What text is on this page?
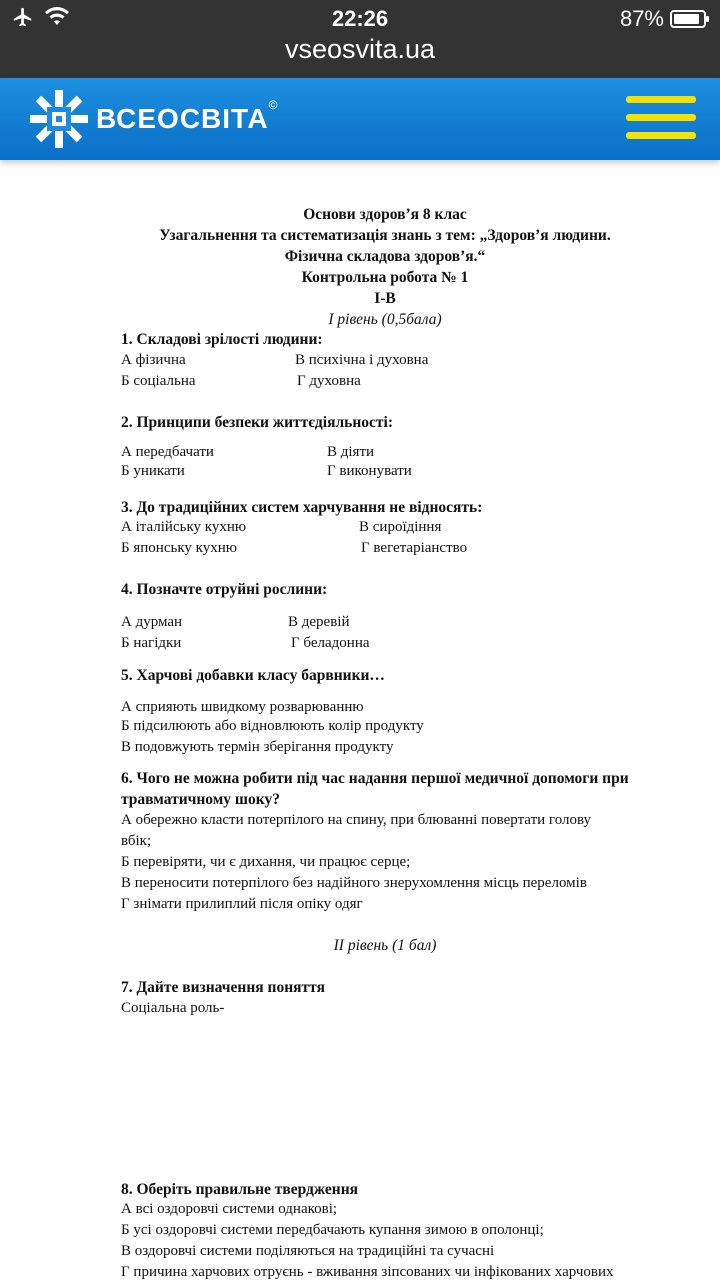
22:26	87%
vseosvita.ua
ВСЕОСВІТА ©
Основи здоров’я 8 клас
Узагальнення та систематизація знань з тем: „Здоров’я людини.
Фізична складова здоров’я.“
Контрольна робота № 1
І-В
І рівень (0,5бала)
1. Складові зрілості людини:
А фізична
Б соціальна
В психічна і духовна
Г духовна
2. Принципи безпеки життєдіяльності:
А передбачати
Б уникати
В діяти
Г виконувати
3. До традиційних систем харчування не відносять:
А італійську кухню
Б японську кухню
В сироїдіння
Г вегетаріанство
4. Позначте отруйні рослини:
А дурман
Б нагідки
В деревій
Г беладонна
5. Харчові добавки класу барвники…
А сприяють швидкому розварюванню
Б підсилюють або відновлюють колір продукту
В подовжують термін зберігання продукту
6. Чого не можна робити під час надання першої медичної допомоги при
травматичному шоку?
А обережно класти потерпілого на спину, при блюванні повертати голову
вбік;
Б перевіряти, чи є дихання, чи працює серце;
В переносити потерпілого без надійного знерухомлення місць переломів
Г знімати прилиплий після опіку одяг
ІІ рівень (1 бал)
7. Дайте визначення поняття
Соціальна роль-
8. Оберіть правильне твердження
А всі оздоровчі системи однакові;
Б усі оздоровчі системи передбачають купання зимою в ополонці;
В оздоровчі системи поділяються на традиційні та сучасні
Г причина харчових отруєнь - вживання зіпсованих чи інфікованих харчових
